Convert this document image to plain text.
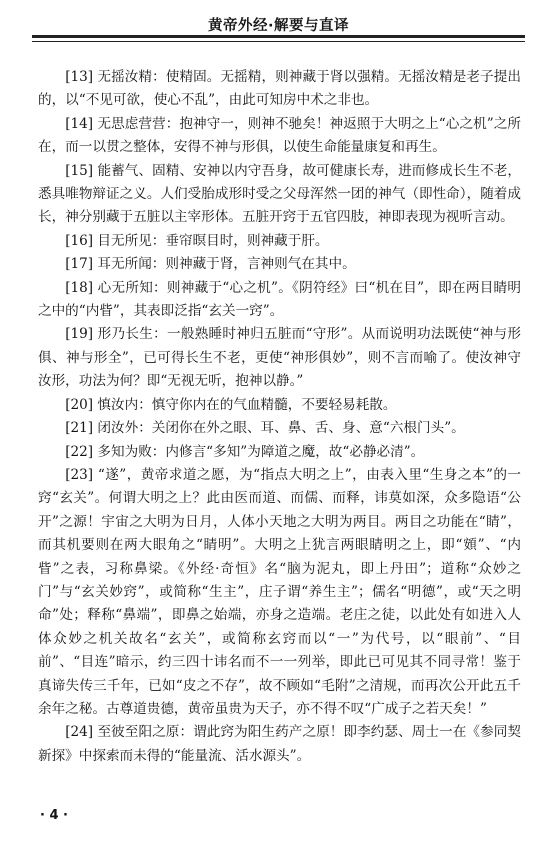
黄帝外经·解要与直译

[13] 无摇汝精：使精固。无摇精，则神藏于肾以强精。无摇汝精是老子提出的，以“不见可欲，使心不乱”，由此可知房中术之非也。

[14] 无思虑营营：抱神守一，则神不驰矣！神返照于大明之上“心之机”之所在，而一以贯之整体，安得不神与形俱，以使生命能量康复和再生。

[15] 能蓄气、固精、安神以内守吾身，故可健康长寿，进而修成长生不老，悉具唯物辩证之义。人们受胎成形时受之父母浑然一团的神气（即性命），随着成长，神分别藏于五脏以主宰形体。五脏开窍于五官四肢，神即表现为视听言动。

[16] 目无所见：垂帘暝目时，则神藏于肝。

[17] 耳无所闻：则神藏于肾，言神则气在其中。

[18] 心无所知：则神藏于“心之机”。《阴符经》曰“机在目”，即在两目睛明之中的“内眥”，其表即泛指“玄关一窍”。

[19] 形乃长生：一般熟睡时神归五脏而“守形”。从而说明功法既使“神与形俱、神与形全”，已可得长生不老，更使“神形俱妙”，则不言而喻了。使汝神守汝形，功法为何？即“无视无听，抱神以静。”

[20] 慎汝内：慎守你内在的气血精髓，不要轻易耗散。

[21] 闭汝外：关闭你在外之眼、耳、鼻、舌、身、意“六根门头”。

[22] 多知为败：内修言“多知”为障道之魔，故“必静必清”。

[23] “遂”，黄帝求道之愿，为“指点大明之上”，由表入里“生身之本”的一窍“玄关”。何谓大明之上？此由医而道、而儒、而释，讳莫如深，众多隐语“公开”之源！宇宙之大明为日月，人体小天地之大明为两目。两目之功能在“睛”，而其机要则在两大眼角之“睛明”。大明之上犹言两眼睛明之上，即“頞”、“内眥”之表，习称鼻梁。《外经·奇恒》名“脑为泥丸，即上丹田”；道称“众妙之门”与“玄关妙窍”，或简称“生主”，庄子谓“养生主”；儒名“明德”，或“天之明命”处；释称“鼻端”，即鼻之始端，亦身之造端。老庄之徒，以此处有如进入人体众妙之机关故名“玄关”，或简称玄窍而以“一”为代号，以“眼前”、“目前”、“目连”暗示，约三四十讳名而不一一列举，即此已可见其不同寻常！鉴于真谛失传三千年，已如“皮之不存”，故不顾如“毛附”之清规，而再次公开此五千余年之秘。古尊道贵德，黄帝虽贵为天子，亦不得不叹“广成子之若天矣！”

[24] 至彼至阳之原：谓此窍为阳生药产之原！即李约瑟、周士一在《参同契新探》中探索而未得的“能量流、活水源头”。

· 4 ·
